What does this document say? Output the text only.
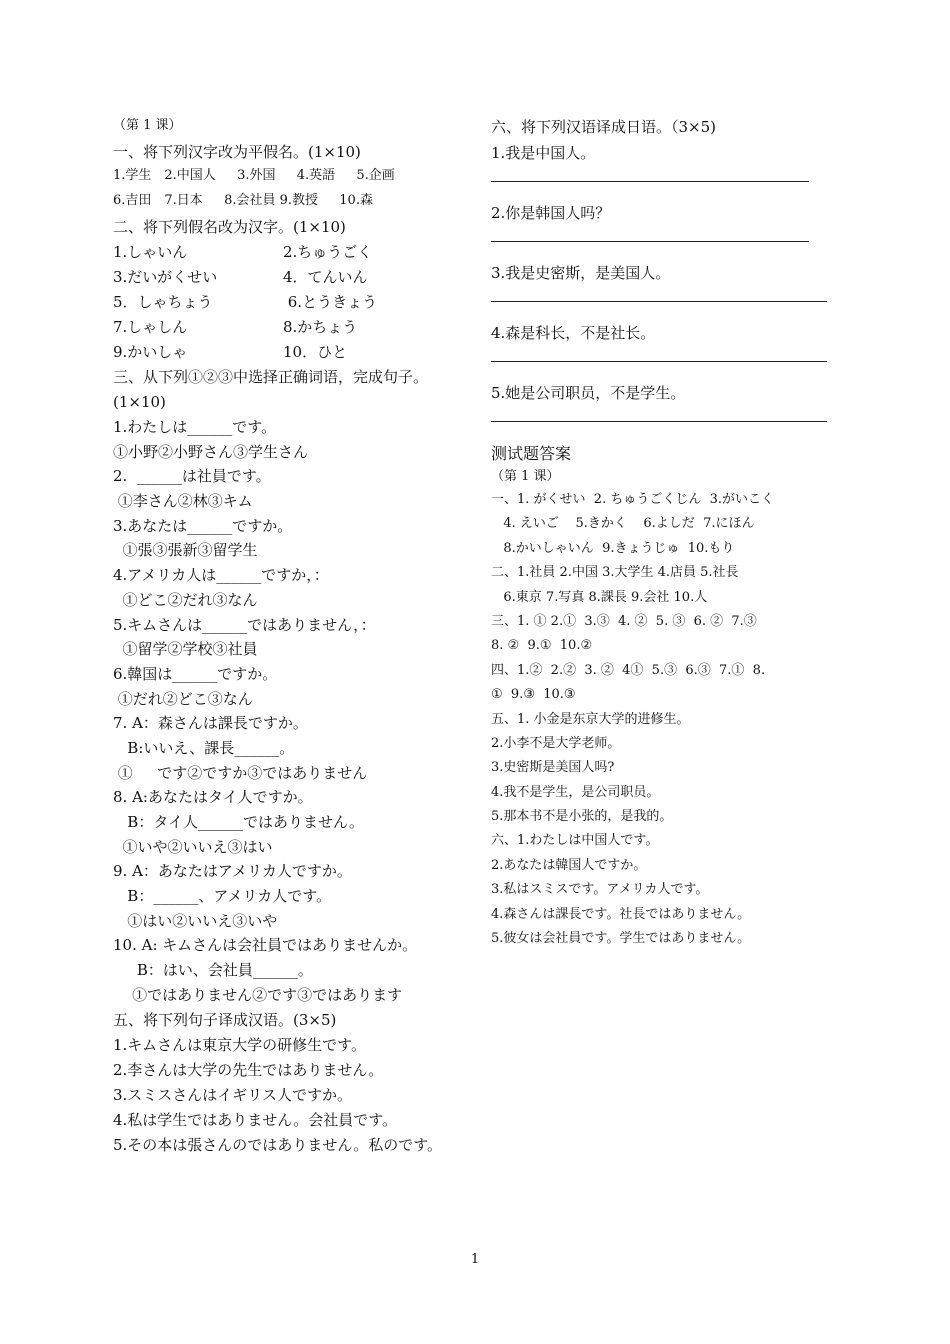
（第 1 课）
一、将下列汉字改为平假名。(1×10)
1.学生　2.中国人　  3.外国　  4.英語　  5.企画
6.吉田　7.日本　  8.会社員 9.教授　  10.森
二、将下列假名改为汉字。(1×10)
1.しゃいん	2.ちゅうごく
3.だいがくせい	4．てんいん
5．しゃちょう	6.とうきょう
7.しゃしん	8.かちょう
9.かいしゃ	10．ひと
三、从下列①②③中选择正确词语，完成句子。
(1×10)
1.わたしは______です。
①小野②小野さん③学生さん
2.  ______は社員です。
①李さん②林③キム
3.あなたは______ですか。
①張③張新③留学生
4.アメリカ人は______ですか，：
①どこ②だれ③なん
5.キムさんは______ではありません，：
①留学②学校③社員
6.韓国は______ですか。
①だれ②どこ③なん
7. A：森さんは課長ですか。
B:いいえ、課長______。
①　  です②ですか③ではありません
8. A:あなたはタイ人ですか。
B：タイ人______ではありません。
①いや②いいえ③はい
9. A：あなたはアメリカ人ですか。
B：______、アメリカ人です。
①はい②いいえ③いや
10. A: キムさんは会社員ではありませんか。
B：はい、会社員______。
①ではありません②です③ではあります
五、将下列句子译成汉语。(3×5)
1.キムさんは東京大学の研修生です。
2.李さんは大学の先生ではありません。
3.スミスさんはイギリス人ですか。
4.私は学生ではありません。会社員です。
5.その本は張さんのではありません。私のです。
六、将下列汉语译成日语。（3×5)
1.我是中国人。
2.你是韩国人吗？
3.我是史密斯，是美国人。
4.森是科长，不是社长。
5.她是公司职员，不是学生。
测试题答案
（第 1 课）
一、1. がくせい  2. ちゅうごくじん  3.がいこく
4. えいご    5.きかく    6.よしだ  7.にほん
8.かいしゃいん  9.きょうじゅ  10.もり
二、1.社員 2.中国 3.大学生 4.店員 5.社長
6.東京 7.写真 8.課長 9.会社 10.人
三、1. ① 2.①  3.③  4. ②  5. ③  6. ②  7.③
8. ②  9.①  10.②
四、1.②  2.②  3. ②  4①  5.③  6.③  7.①  8.
①  9.③  10.③
五、1. 小金是东京大学的进修生。
2.小李不是大学老师。
3.史密斯是美国人吗?
4.我不是学生，是公司职员。
5.那本书不是小张的，是我的。
六、1.わたしは中国人です。
2.あなたは韓国人ですか。
3.私はスミスです。アメリカ人です。
4.森さんは課長です。社長ではありません。
5.彼女は会社員です。学生ではありません。
1
